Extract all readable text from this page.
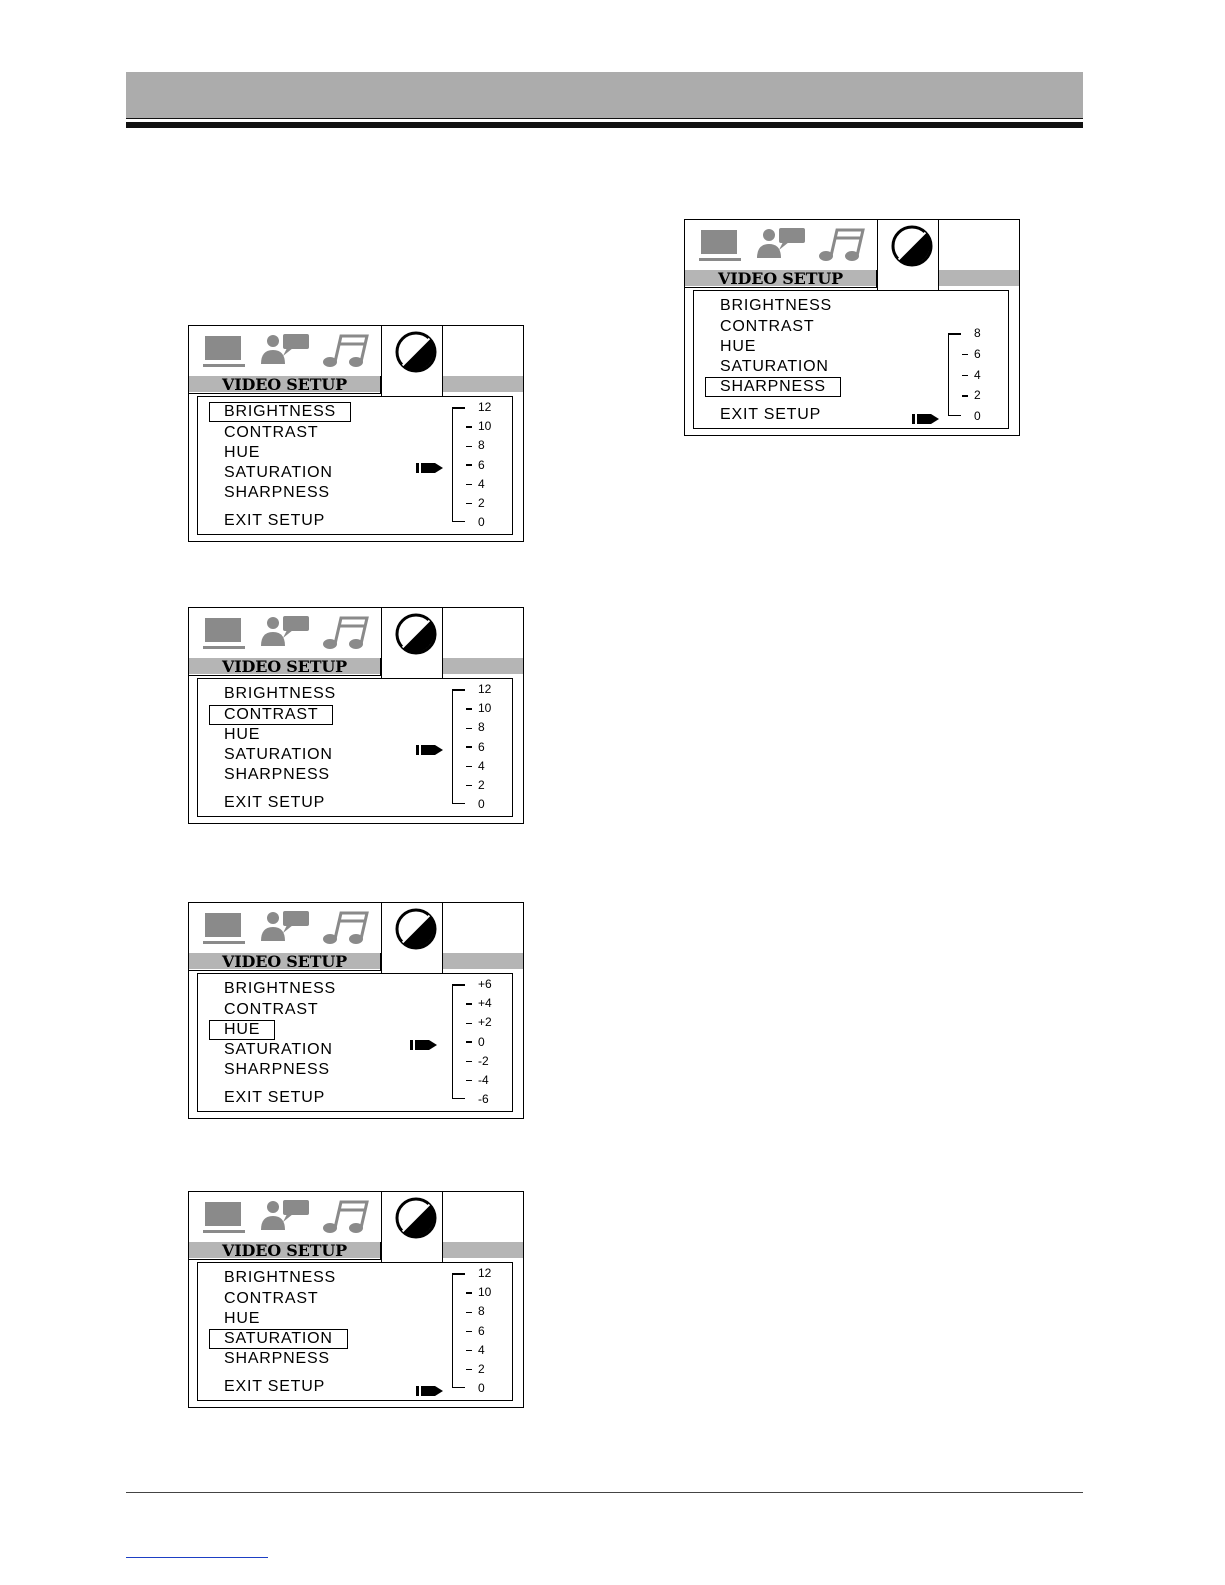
VIDEO SETUP
BRIGHTNESS
CONTRAST
HUE
SATURATION
SHARPNESS
EXIT SETUP
12
10
8
6
4
2
0
VIDEO SETUP
BRIGHTNESS
CONTRAST
HUE
SATURATION
SHARPNESS
EXIT SETUP
12
10
8
6
4
2
0
VIDEO SETUP
BRIGHTNESS
CONTRAST
HUE
SATURATION
SHARPNESS
EXIT SETUP
+6
+4
+2
0
-2
-4
-6
VIDEO SETUP
BRIGHTNESS
CONTRAST
HUE
SATURATION
SHARPNESS
EXIT SETUP
12
10
8
6
4
2
0
VIDEO SETUP
BRIGHTNESS
CONTRAST
HUE
SATURATION
SHARPNESS
EXIT SETUP
8
6
4
2
0
